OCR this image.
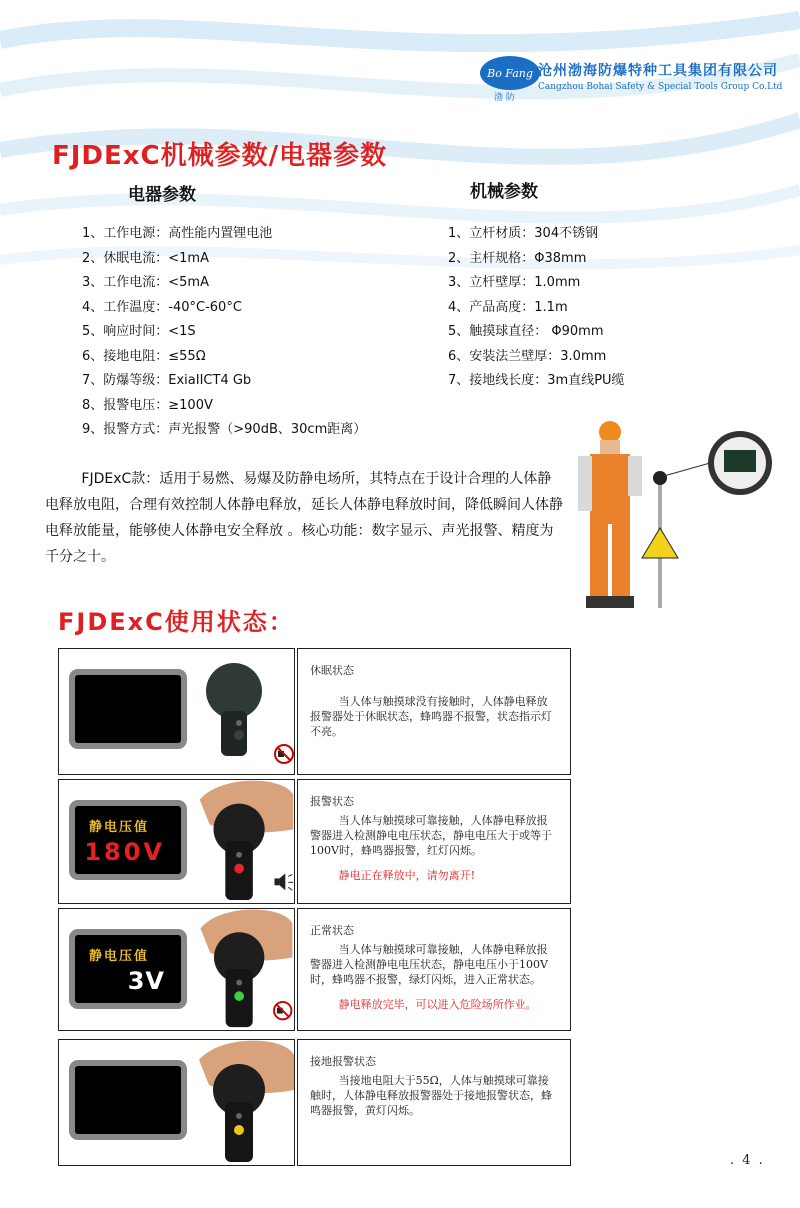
Bo Fang
渤 防
沧州渤海防爆特种工具集团有限公司
Cangzhou Bohai Safety & Special Tools Group Co.Ltd
FJDExC机械参数/电器参数
电器参数	机械参数
1、工作电源：高性能内置锂电池
2、休眠电流：<1mA
3、工作电流：<5mA
4、工作温度：-40°C-60°C
5、响应时间：<1S
6、接地电阻：≤55Ω
7、防爆等级：ExiaIICT4 Gb
8、报警电压：≥100V
9、报警方式：声光报警（>90dB、30cm距离）
1、立杆材质：304不锈钢
2、主杆规格：Φ38mm
3、立杆壁厚：1.0mm
4、产品高度：1.1m
5、触摸球直径： Φ90mm
6、安装法兰壁厚：3.0mm
7、接地线长度：3m直线PU缆

FJDExC款：适用于易燃、易爆及防静电场所，其特点在于设计合理的人体静电释放电阻，合理有效控制人体静电释放，延长人体静电释放时间，降低瞬间人体静电释放能量，能够使人体静电安全释放 。核心功能：数字显示、声光报警、精度为千分之十。

FJDExC使用状态：
休眠状态

当人体与触摸球没有接触时，人体静电释放报警器处于休眠状态，蜂鸣器不报警，状态指示灯不亮。

静电压值
180V
报警状态

当人体与触摸球可靠接触，人体静电释放报警器进入检测静电电压状态，静电电压大于或等于100V时，蜂鸣器报警，红灯闪烁。

静电正在释放中，请勿离开!

静电压值
3V
正常状态

当人体与触摸球可靠接触，人体静电释放报警器进入检测静电电压状态，静电电压小于100V时，蜂鸣器不报警，绿灯闪烁，进入正常状态。

静电释放完毕，可以进入危险场所作业。

接地报警状态

当接地电阻大于55Ω，人体与触摸球可靠接触时，人体静电释放报警器处于接地报警状态，蜂鸣器报警，黄灯闪烁。

. 4 .
